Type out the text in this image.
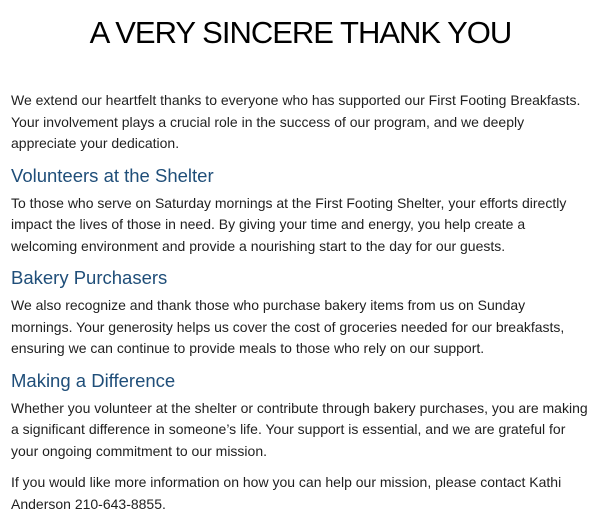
A VERY SINCERE THANK YOU

We extend our heartfelt thanks to everyone who has supported our First Footing Breakfasts. Your involvement plays a crucial role in the success of our program, and we deeply appreciate your dedication.

Volunteers at the Shelter

To those who serve on Saturday mornings at the First Footing Shelter, your efforts directly impact the lives of those in need. By giving your time and energy, you help create a welcoming environment and provide a nourishing start to the day for our guests.

Bakery Purchasers

We also recognize and thank those who purchase bakery items from us on Sunday mornings. Your generosity helps us cover the cost of groceries needed for our breakfasts, ensuring we can continue to provide meals to those who rely on our support.

Making a Difference

Whether you volunteer at the shelter or contribute through bakery purchases, you are making a significant difference in someone’s life. Your support is essential, and we are grateful for your ongoing commitment to our mission.

If you would like more information on how you can help our mission, please contact Kathi Anderson 210-643-8855.
